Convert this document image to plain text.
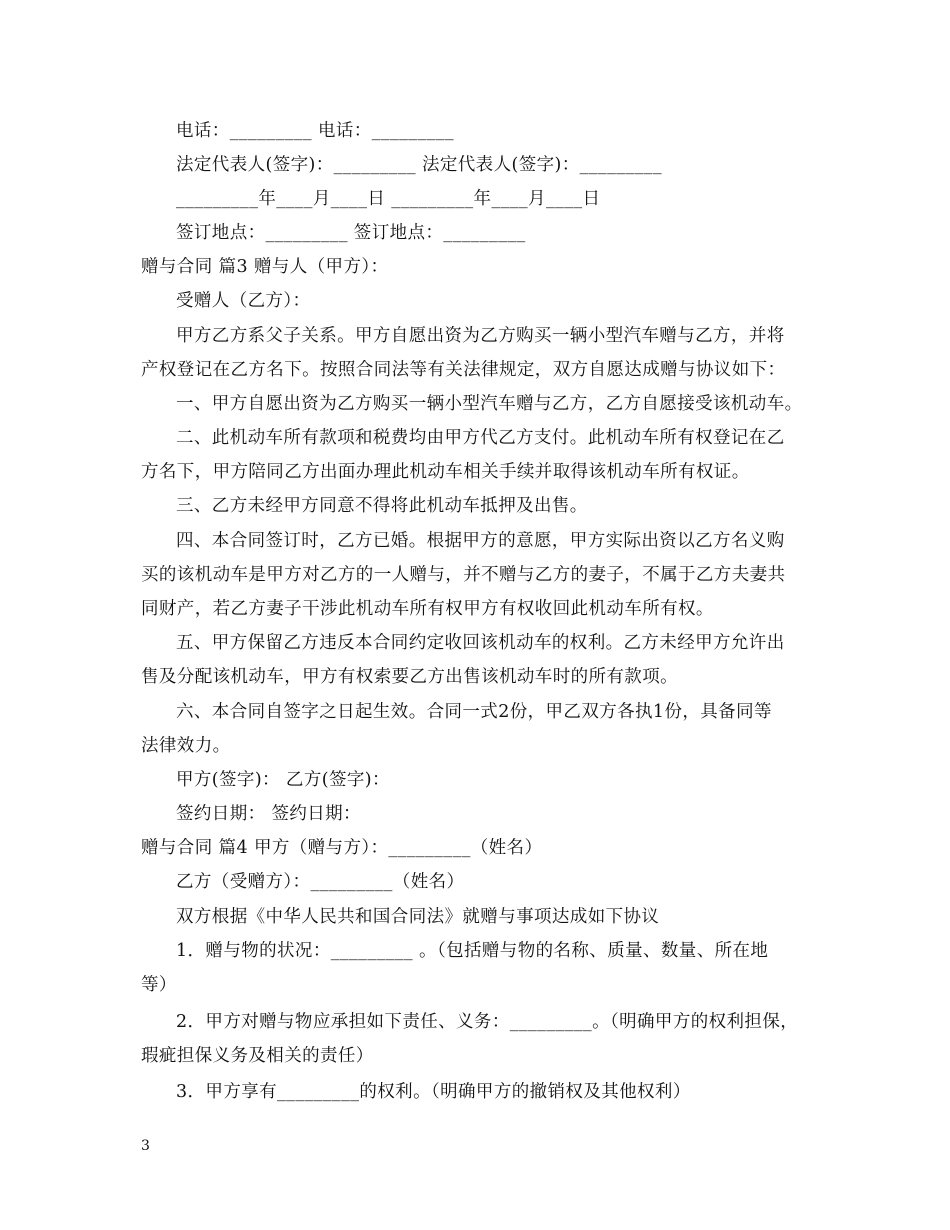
电话：_________ 电话：_________
法定代表人(签字)：_________ 法定代表人(签字)：_________
_________年____月____日 _________年____月____日
签订地点：_________ 签订地点：_________
赠与合同 篇3 赠与人（甲方）：
受赠人（乙方）：
甲方乙方系父子关系。甲方自愿出资为乙方购买一辆小型汽车赠与乙方，并将
产权登记在乙方名下。按照合同法等有关法律规定，双方自愿达成赠与协议如下：
一、甲方自愿出资为乙方购买一辆小型汽车赠与乙方，乙方自愿接受该机动车。
二、此机动车所有款项和税费均由甲方代乙方支付。此机动车所有权登记在乙
方名下，甲方陪同乙方出面办理此机动车相关手续并取得该机动车所有权证。
三、乙方未经甲方同意不得将此机动车抵押及出售。
四、本合同签订时，乙方已婚。根据甲方的意愿，甲方实际出资以乙方名义购
买的该机动车是甲方对乙方的一人赠与，并不赠与乙方的妻子，不属于乙方夫妻共
同财产，若乙方妻子干涉此机动车所有权甲方有权收回此机动车所有权。
五、甲方保留乙方违反本合同约定收回该机动车的权利。乙方未经甲方允许出
售及分配该机动车，甲方有权索要乙方出售该机动车时的所有款项。
六、本合同自签字之日起生效。合同一式2份，甲乙双方各执1份，具备同等
法律效力。
甲方(签字)： 乙方(签字)：
签约日期： 签约日期：
赠与合同 篇4 甲方（赠与方）：_________（姓名）
乙方（受赠方）：_________（姓名）
双方根据《中华人民共和国合同法》就赠与事项达成如下协议
1．赠与物的状况：_________ 。（包括赠与物的名称、质量、数量、所在地
等）
2．甲方对赠与物应承担如下责任、义务：_________。（明确甲方的权利担保，
瑕疵担保义务及相关的责任）
3．甲方享有_________的权利。（明确甲方的撤销权及其他权利）
3
